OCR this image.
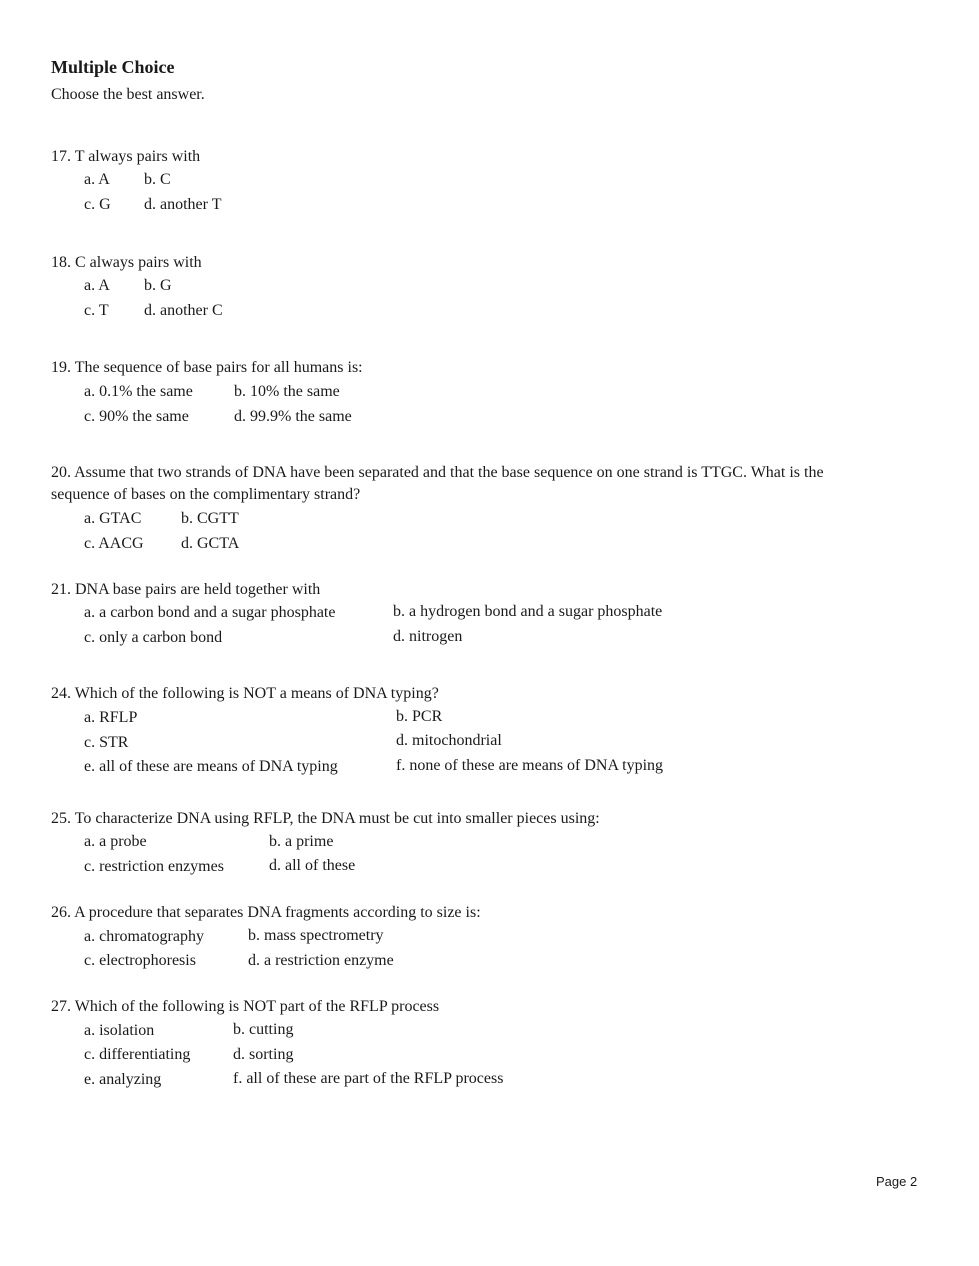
Multiple Choice
Choose the best answer.
17. T always pairs with
a. A b. C
c. G d. another T
18. C always pairs with
a. A b. G
c. T d. another C
19. The sequence of base pairs for all humans is:
a. 0.1% the same	b. 10% the same
c. 90% the same	d. 99.9% the same
20. Assume that two strands of DNA have been separated and that the base sequence on one strand is TTGC. What is the
sequence of bases on the complimentary strand?
a. GTAC b. CGTT
c. AACG d. GCTA
21. DNA base pairs are held together with
a. a carbon bond and a sugar phosphate	b. a hydrogen bond and a sugar phosphate
c. only a carbon bond	d. nitrogen
24. Which of the following is NOT a means of DNA typing?
a. RFLP	b. PCR
c. STR	d. mitochondrial
e. all of these are means of DNA typing	f. none of these are means of DNA typing
25. To characterize DNA using RFLP, the DNA must be cut into smaller pieces using:
a. a probe	b. a prime
c. restriction enzymes	d. all of these
26. A procedure that separates DNA fragments according to size is:
a. chromatography	b. mass spectrometry
c. electrophoresis	d. a restriction enzyme
27. Which of the following is NOT part of the RFLP process
a. isolation	b. cutting
c. differentiating	d. sorting
e. analyzing	f. all of these are part of the RFLP process
Page 2
